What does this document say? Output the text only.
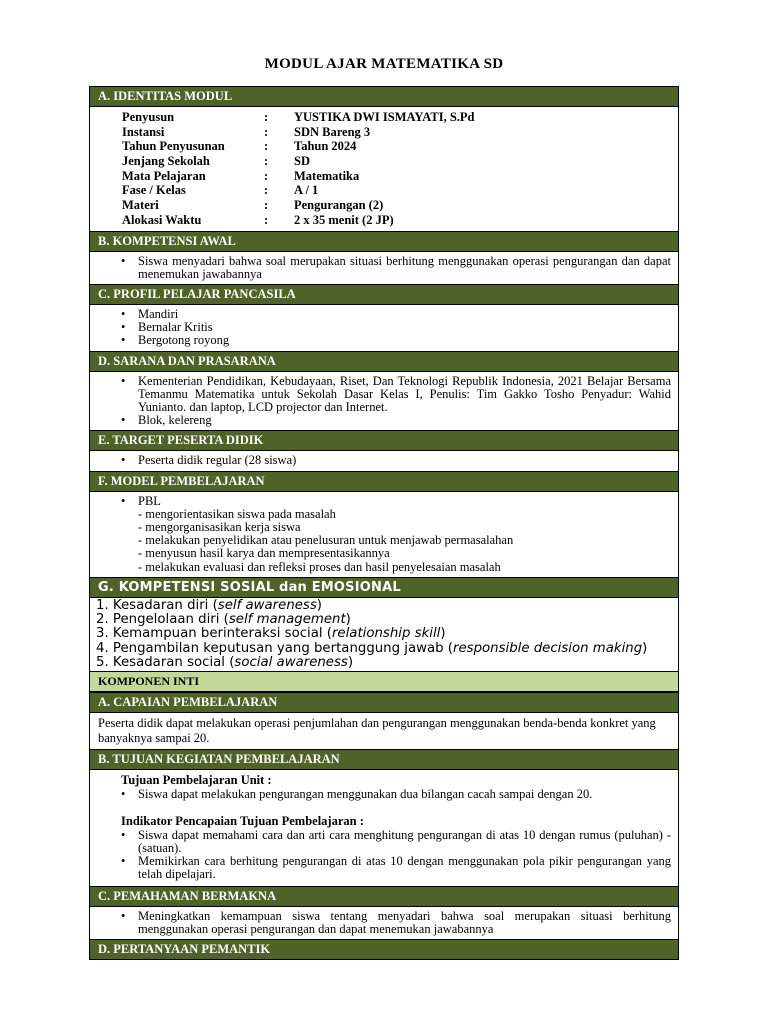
MODUL AJAR MATEMATIKA SD
A. IDENTITAS MODUL
Penyusun	:	YUSTIKA DWI ISMAYATI, S.Pd
Instansi	:	SDN Bareng 3
Tahun Penyusunan	:	Tahun 2024
Jenjang Sekolah	:	SD
Mata Pelajaran	:	Matematika
Fase / Kelas	:	A / 1
Materi	:	Pengurangan (2)
Alokasi Waktu	:	2 x 35 menit (2 JP)
B. KOMPETENSI AWAL
• Siswa menyadari bahwa soal merupakan situasi berhitung menggunakan operasi pengurangan dan dapat menemukan jawabannya
C. PROFIL PELAJAR PANCASILA
• Mandiri
• Bernalar Kritis
• Bergotong royong
D. SARANA DAN PRASARANA
• Kementerian Pendidikan, Kebudayaan, Riset, Dan Teknologi Republik Indonesia, 2021 Belajar Bersama Temanmu Matematika untuk Sekolah Dasar Kelas I, Penulis: Tim Gakko Tosho Penyadur: Wahid Yunianto. dan laptop, LCD projector dan Internet.
• Blok, kelereng
E. TARGET PESERTA DIDIK
• Peserta didik regular (28 siswa)
F. MODEL PEMBELAJARAN
• PBL
- mengorientasikan siswa pada masalah
- mengorganisasikan kerja siswa
- melakukan penyelidikan atau penelusuran untuk menjawab permasalahan
- menyusun hasil karya dan mempresentasikannya
- melakukan evaluasi dan refleksi proses dan hasil penyelesaian masalah
G. KOMPETENSI SOSIAL dan EMOSIONAL
1. Kesadaran diri (self awareness)
2. Pengelolaan diri (self management)
3. Kemampuan berinteraksi social (relationship skill)
4. Pengambilan keputusan yang bertanggung jawab (responsible decision making)
5. Kesadaran social (social awareness)
KOMPONEN INTI
A. CAPAIAN PEMBELAJARAN
Peserta didik dapat melakukan operasi penjumlahan dan pengurangan menggunakan benda-benda konkret yang banyaknya sampai 20.
B. TUJUAN KEGIATAN PEMBELAJARAN
Tujuan Pembelajaran Unit :
• Siswa dapat melakukan pengurangan menggunakan dua bilangan cacah sampai dengan 20.
Indikator Pencapaian Tujuan Pembelajaran :
• Siswa dapat memahami cara dan arti cara menghitung pengurangan di atas 10 dengan rumus (puluhan) - (satuan).
• Memikirkan cara berhitung pengurangan di atas 10 dengan menggunakan pola pikir pengurangan yang telah dipelajari.
C. PEMAHAMAN BERMAKNA
• Meningkatkan kemampuan siswa tentang menyadari bahwa soal merupakan situasi berhitung menggunakan operasi pengurangan dan dapat menemukan jawabannya
D. PERTANYAAN PEMANTIK
